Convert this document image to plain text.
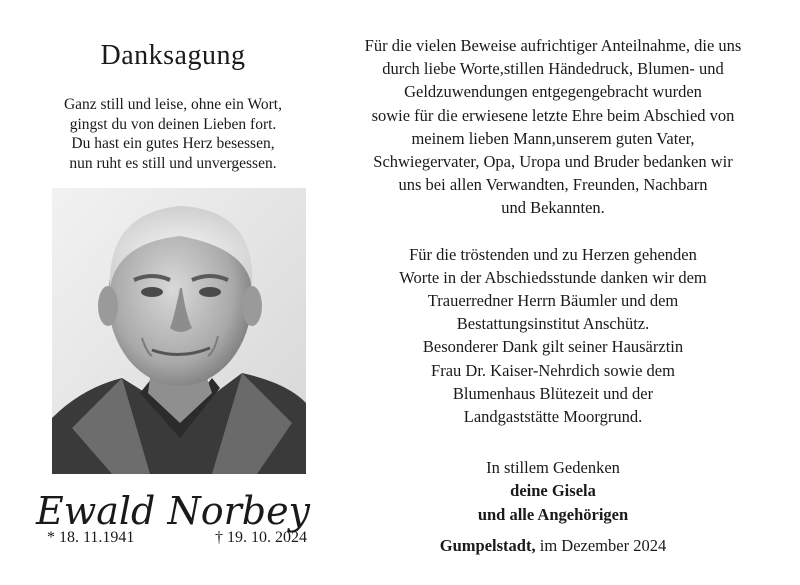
Danksagung
Ganz still und leise, ohne ein Wort,
gingst du von deinen Lieben fort.
Du hast ein gutes Herz besessen,
nun ruht es still und unvergessen.
Ewald Norbey
* 18. 11.1941	† 19. 10. 2024
Für die vielen Beweise aufrichtiger Anteilnahme, die uns
durch liebe Worte,stillen Händedruck, Blumen- und
Geldzuwendungen entgegengebracht wurden
sowie für die erwiesene letzte Ehre beim Abschied von
meinem lieben Mann,unserem guten Vater,
Schwiegervater, Opa, Uropa und Bruder bedanken wir
uns bei allen Verwandten, Freunden, Nachbarn
und Bekannten.
Für die tröstenden und zu Herzen gehenden
Worte in der Abschiedsstunde danken wir dem
Trauerredner Herrn Bäumler und dem
Bestattungsinstitut Anschütz.
Besonderer Dank gilt seiner Hausärztin
Frau Dr. Kaiser-Nehrdich sowie dem
Blumenhaus Blütezeit und der
Landgaststätte Moorgrund.
In stillem Gedenken
deine Gisela
und alle Angehörigen
Gumpelstadt, im Dezember 2024
